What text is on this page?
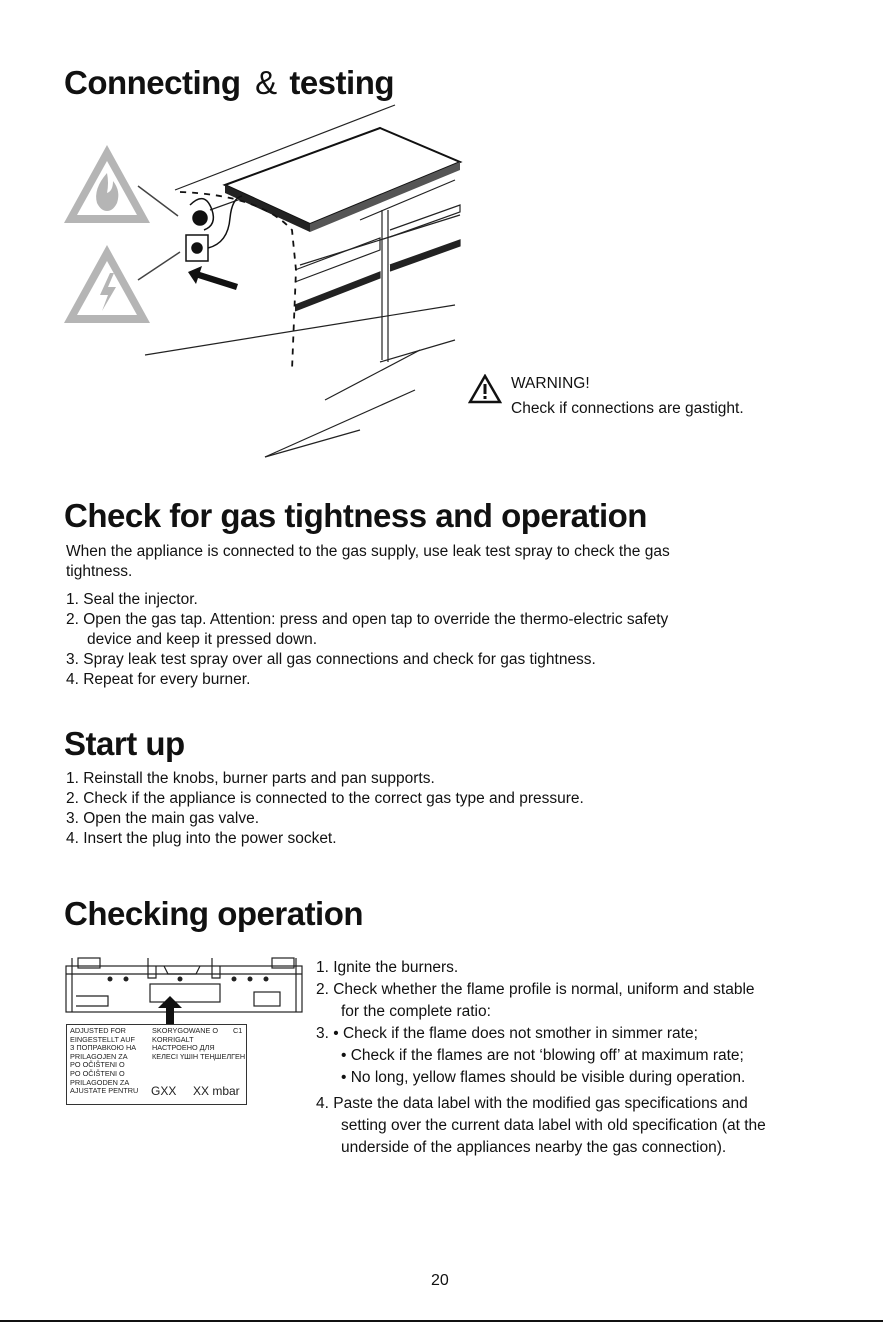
Connecting & testing
WARNING!
Check if connections are gastight.
Check for gas tightness and operation
When the appliance is connected to the gas supply, use leak test spray to check the gas
tightness.
1. Seal the injector.
2. Open the gas tap. Attention: press and open tap to override the thermo-electric safety
device and keep it pressed down.
3. Spray leak test spray over all gas connections and check for gas tightness.
4. Repeat for every burner.
Start up
1. Reinstall the knobs, burner parts and pan supports.
2. Check if the appliance is connected to the correct gas type and pressure.
3. Open the main gas valve.
4. Insert the plug into the power socket.
Checking operation
ADJUSTED FOR
EINGESTELLT AUF
З ПОПРАВКОЮ НА
PRILAGOJEN ZA
PO OČIŠTENI O
PO OČIŠTENI O
PRILAGODEN ZA
AJUSTATE PENTRU
SKORYGOWANE O
KORRIGALT
НАСТРОЕНО ДЛЯ
КЕЛЕСІ ҮШІН ТЕҢШЕЛГЕН
C1
GXX XX mbar
1. Ignite the burners.
2. Check whether the flame profile is normal, uniform and stable
for the complete ratio:
3. • Check if the flame does not smother in simmer rate;
• Check if the flames are not ‘blowing off’ at maximum rate;
• No long, yellow flames should be visible during operation.
4. Paste the data label with the modified gas specifications and
setting over the current data label with old specification (at the
underside of the appliances nearby the gas connection).
20
